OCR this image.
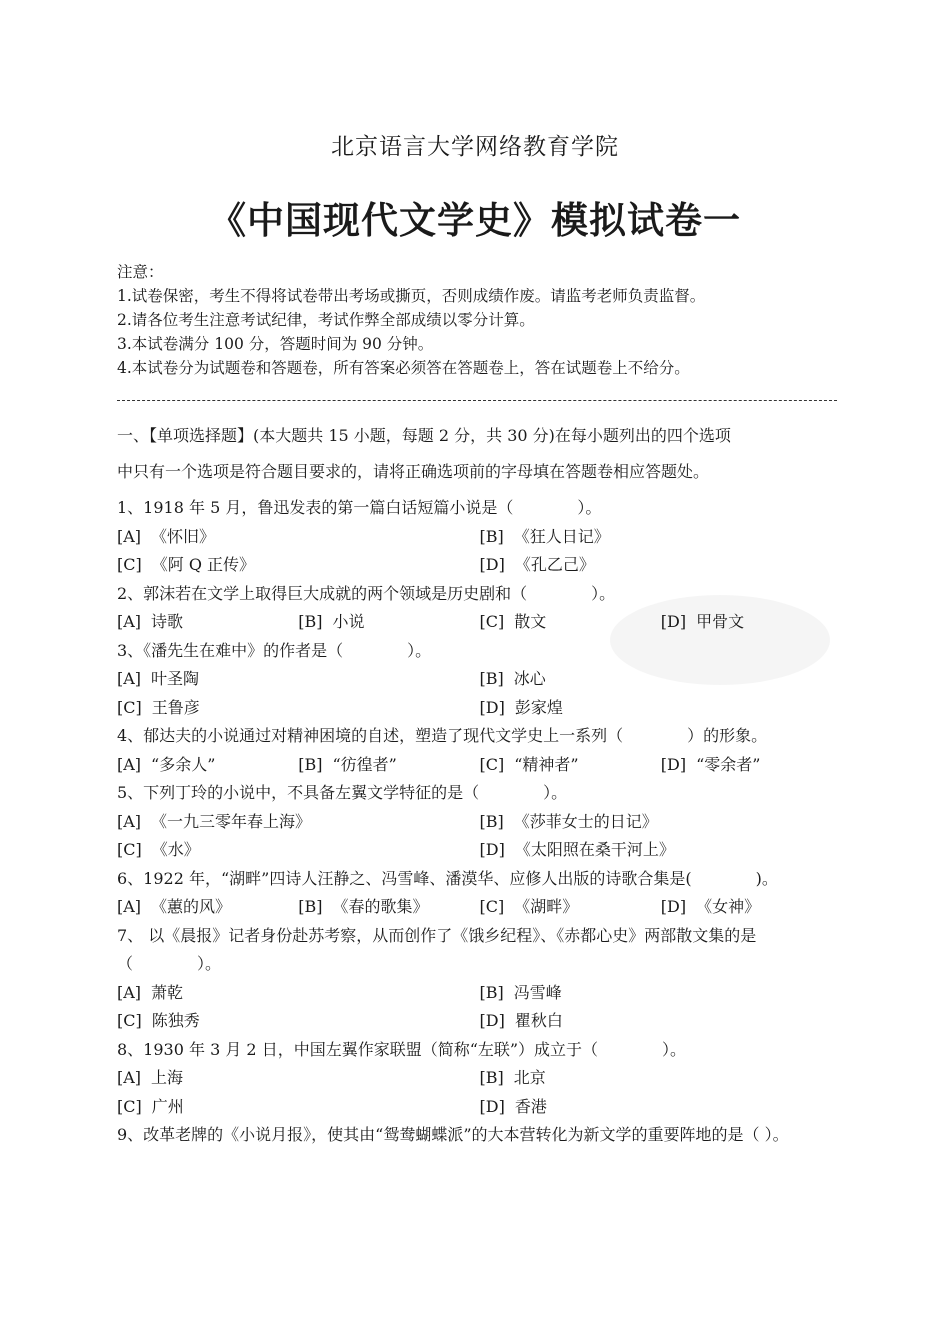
北京语言大学网络教育学院
《中国现代文学史》模拟试卷一
注意：
1.试卷保密，考生不得将试卷带出考场或撕页，否则成绩作废。请监考老师负责监督。
2.请各位考生注意考试纪律，考试作弊全部成绩以零分计算。
3.本试卷满分 100 分，答题时间为 90 分钟。
4.本试卷分为试题卷和答题卷，所有答案必须答在答题卷上，答在试题卷上不给分。
一、【单项选择题】(本大题共 15 小题，每题 2 分，共 30 分)在每小题列出的四个选项
中只有一个选项是符合题目要求的，请将正确选项前的字母填在答题卷相应答题处。
1、1918 年 5 月，鲁迅发表的第一篇白话短篇小说是（　　　　）。
[A] 《怀旧》	[B] 《狂人日记》
[C] 《阿 Q 正传》	[D] 《孔乙己》
2、郭沫若在文学上取得巨大成就的两个领域是历史剧和（　　　　）。
[A] 诗歌	[B] 小说	[C] 散文	[D] 甲骨文
3、《潘先生在难中》的作者是（　　　　）。
[A] 叶圣陶	[B] 冰心
[C] 王鲁彦	[D] 彭家煌
4、郁达夫的小说通过对精神困境的自述，塑造了现代文学史上一系列（　　　　）的形象。
[A] “多余人”	[B] “彷徨者”	[C] “精神者”	[D] “零余者”
5、下列丁玲的小说中，不具备左翼文学特征的是（　　　　）。
[A] 《一九三零年春上海》	[B] 《莎菲女士的日记》
[C] 《水》	[D] 《太阳照在桑干河上》
6、1922 年，“湖畔”四诗人汪静之、冯雪峰、潘漠华、应修人出版的诗歌合集是(　　　　)。
[A] 《蕙的风》	[B] 《春的歌集》	[C] 《湖畔》	[D] 《女神》
7、 以《晨报》记者身份赴苏考察，从而创作了《饿乡纪程》、《赤都心史》两部散文集的是（　　　　）。
[A] 萧乾	[B] 冯雪峰
[C] 陈独秀	[D] 瞿秋白
8、1930 年 3 月 2 日，中国左翼作家联盟（简称“左联”）成立于（　　　　）。
[A] 上海	[B] 北京
[C] 广州	[D] 香港
9、改革老牌的《小说月报》，使其由“鸳鸯蝴蝶派”的大本营转化为新文学的重要阵地的是（ ）。
